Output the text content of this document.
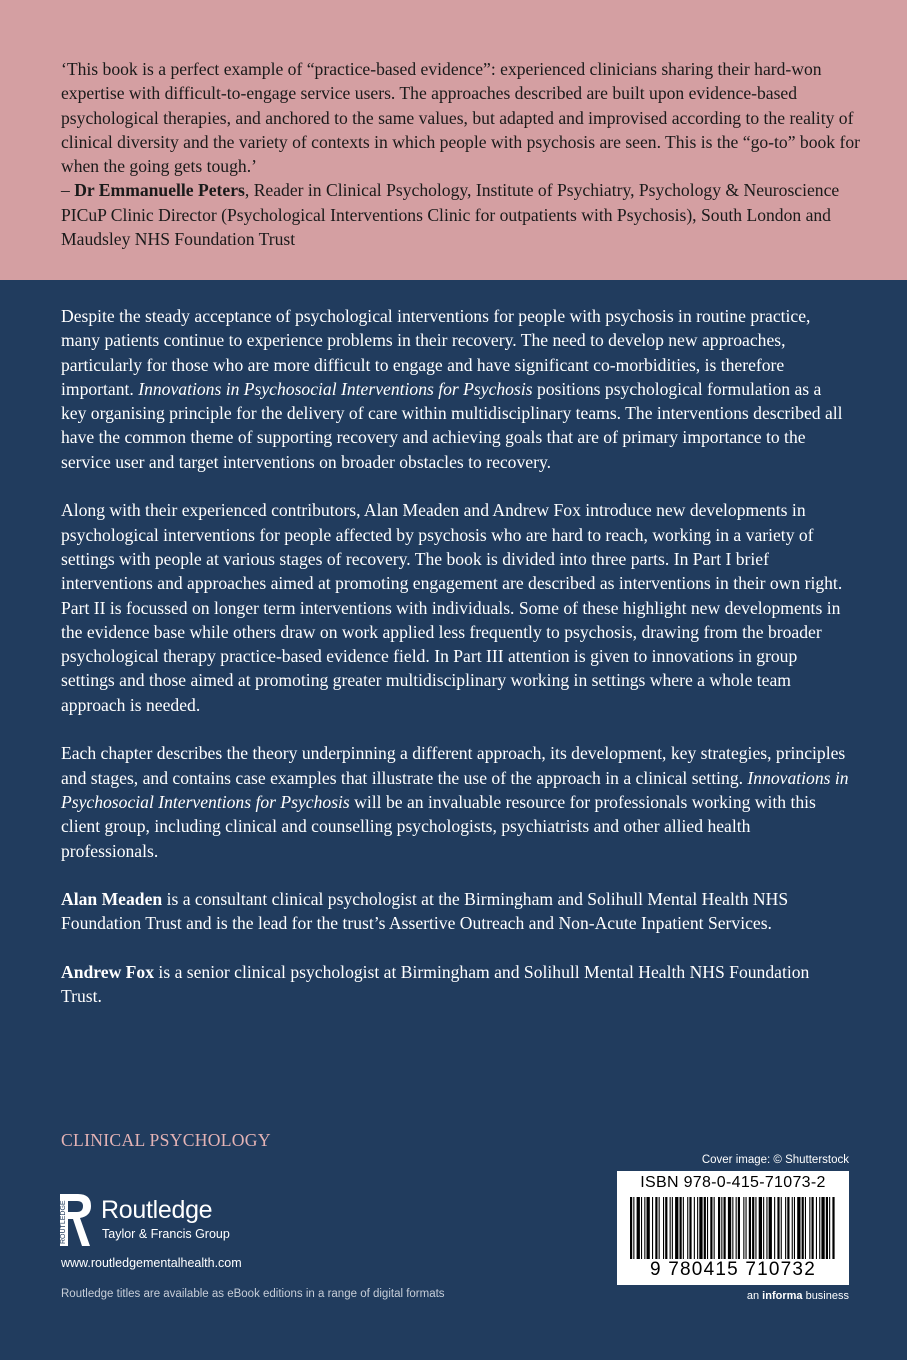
‘This book is a perfect example of “practice-based evidence”: experienced clinicians sharing their hard-won expertise with difficult-to-engage service users. The approaches described are built upon evidence-based psychological therapies, and anchored to the same values, but adapted and improvised according to the reality of clinical diversity and the variety of contexts in which people with psychosis are seen. This is the “go-to” book for when the going gets tough.’
– Dr Emmanuelle Peters, Reader in Clinical Psychology, Institute of Psychiatry, Psychology & Neuroscience PICuP Clinic Director (Psychological Interventions Clinic for outpatients with Psychosis), South London and Maudsley NHS Foundation Trust

Despite the steady acceptance of psychological interventions for people with psychosis in routine practice, many patients continue to experience problems in their recovery. The need to develop new approaches, particularly for those who are more difficult to engage and have significant co-morbidities, is therefore important. Innovations in Psychosocial Interventions for Psychosis positions psychological formulation as a key organising principle for the delivery of care within multidisciplinary teams. The interventions described all have the common theme of supporting recovery and achieving goals that are of primary importance to the service user and target interventions on broader obstacles to recovery.

Along with their experienced contributors, Alan Meaden and Andrew Fox introduce new developments in psychological interventions for people affected by psychosis who are hard to reach, working in a variety of settings with people at various stages of recovery. The book is divided into three parts. In Part I brief interventions and approaches aimed at promoting engagement are described as interventions in their own right. Part II is focussed on longer term interventions with individuals. Some of these highlight new developments in the evidence base while others draw on work applied less frequently to psychosis, drawing from the broader psychological therapy practice-based evidence field. In Part III attention is given to innovations in group settings and those aimed at promoting greater multidisciplinary working in settings where a whole team approach is needed.

Each chapter describes the theory underpinning a different approach, its development, key strategies, principles and stages, and contains case examples that illustrate the use of the approach in a clinical setting. Innovations in Psychosocial Interventions for Psychosis will be an invaluable resource for professionals working with this client group, including clinical and counselling psychologists, psychiatrists and other allied health professionals.

Alan Meaden is a consultant clinical psychologist at the Birmingham and Solihull Mental Health NHS Foundation Trust and is the lead for the trust’s Assertive Outreach and Non-Acute Inpatient Services.

Andrew Fox is a senior clinical psychologist at Birmingham and Solihull Mental Health NHS Foundation Trust.

CLINICAL PSYCHOLOGY
ROUTLEDGE Routledge
Taylor & Francis Group
www.routledgementalhealth.com
Routledge titles are available as eBook editions in a range of digital formats
Cover image: © Shutterstock
ISBN 978-0-415-71073-2
9 780415 710732
an informa business
